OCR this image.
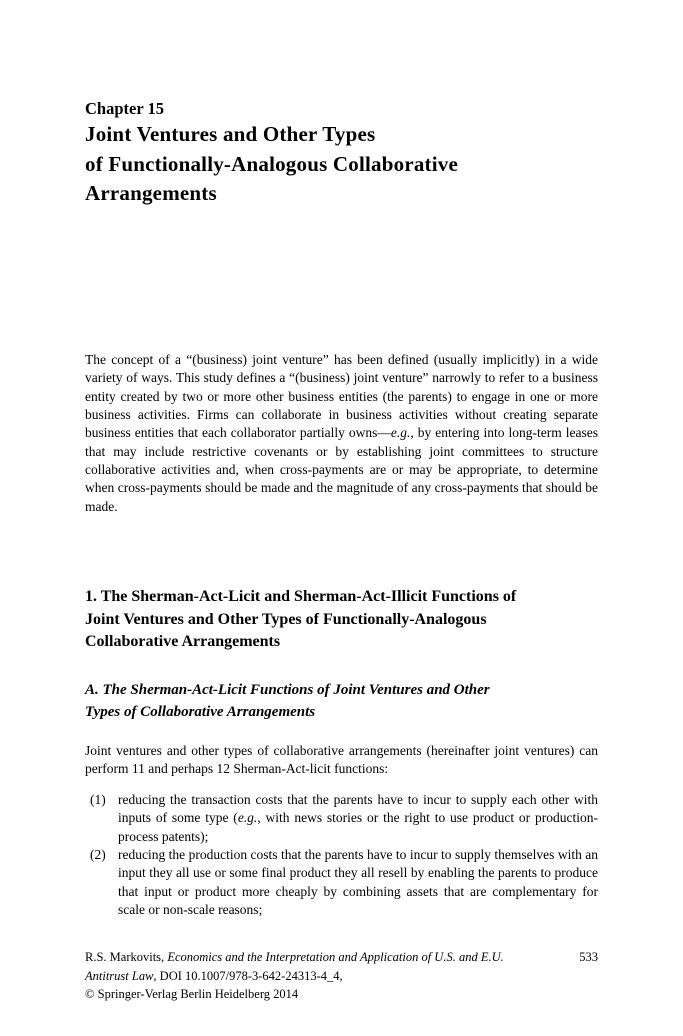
Chapter 15
Joint Ventures and Other Types
of Functionally-Analogous Collaborative
Arrangements
The concept of a “(business) joint venture” has been defined (usually implicitly) in a wide variety of ways. This study defines a “(business) joint venture” narrowly to refer to a business entity created by two or more other business entities (the parents) to engage in one or more business activities. Firms can collaborate in business activities without creating separate business entities that each collaborator partially owns—e.g., by entering into long-term leases that may include restrictive covenants or by establishing joint committees to structure collaborative activities and, when cross-payments are or may be appropriate, to determine when cross-payments should be made and the magnitude of any cross-payments that should be made.
1. The Sherman-Act-Licit and Sherman-Act-Illicit Functions of
Joint Ventures and Other Types of Functionally-Analogous
Collaborative Arrangements
A. The Sherman-Act-Licit Functions of Joint Ventures and Other
Types of Collaborative Arrangements
Joint ventures and other types of collaborative arrangements (hereinafter joint ventures) can perform 11 and perhaps 12 Sherman-Act-licit functions:
(1) reducing the transaction costs that the parents have to incur to supply each other with inputs of some type (e.g., with news stories or the right to use product or production-process patents);
(2) reducing the production costs that the parents have to incur to supply themselves with an input they all use or some final product they all resell by enabling the parents to produce that input or product more cheaply by combining assets that are complementary for scale or non-scale reasons;
R.S. Markovits, Economics and the Interpretation and Application of U.S. and E.U.	533
Antitrust Law, DOI 10.1007/978-3-642-24313-4_4,
© Springer-Verlag Berlin Heidelberg 2014
